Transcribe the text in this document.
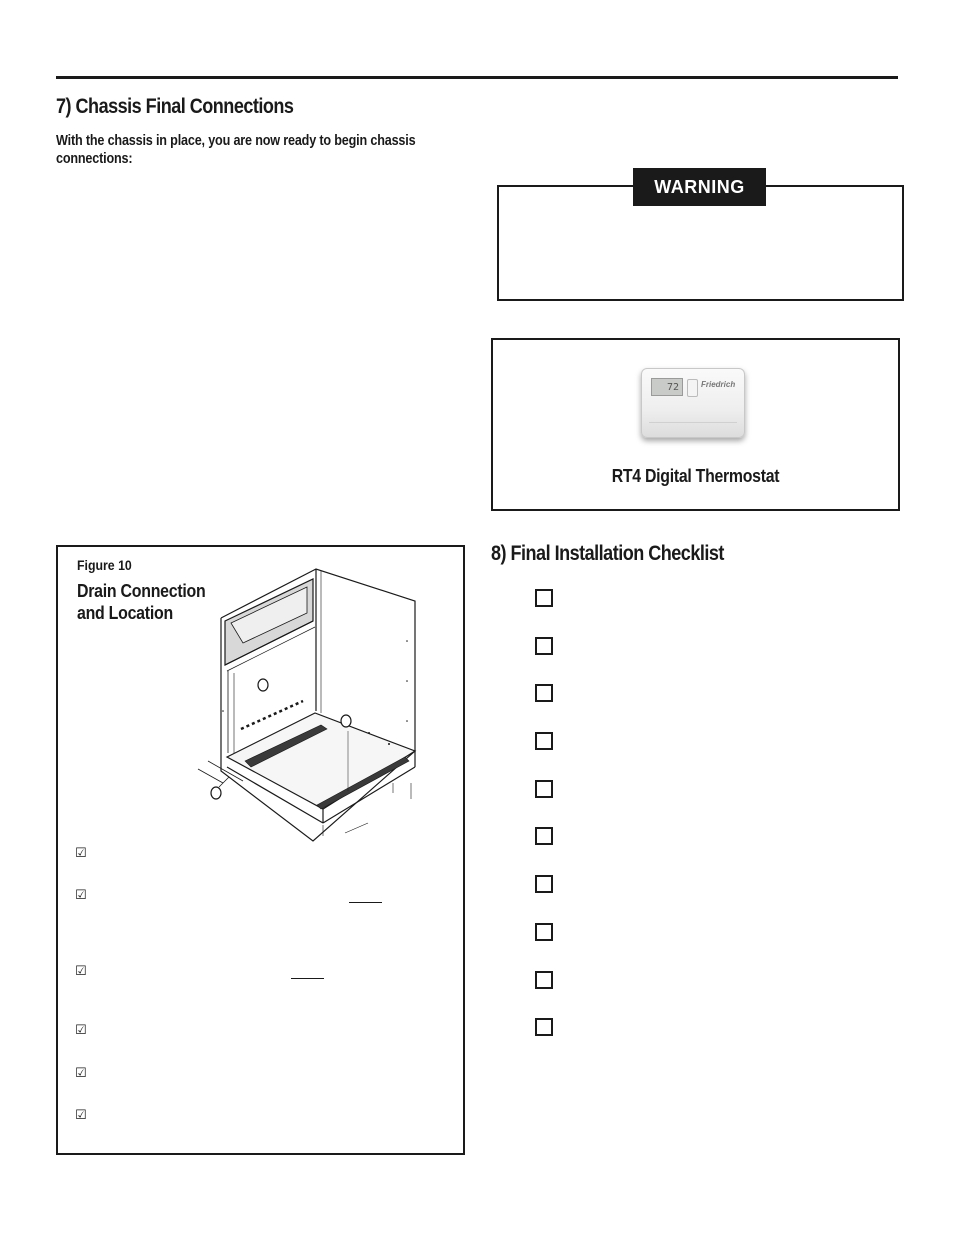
7) Chassis Final Connections

With the chassis in place, you are now ready to begin chassis connections:

WARNING
72	Friedrich
RT4 Digital Thermostat
Figure 10
Drain Connection and Location
☑
☑
☑
☑
☑
☑
8) Final Installation Checklist
